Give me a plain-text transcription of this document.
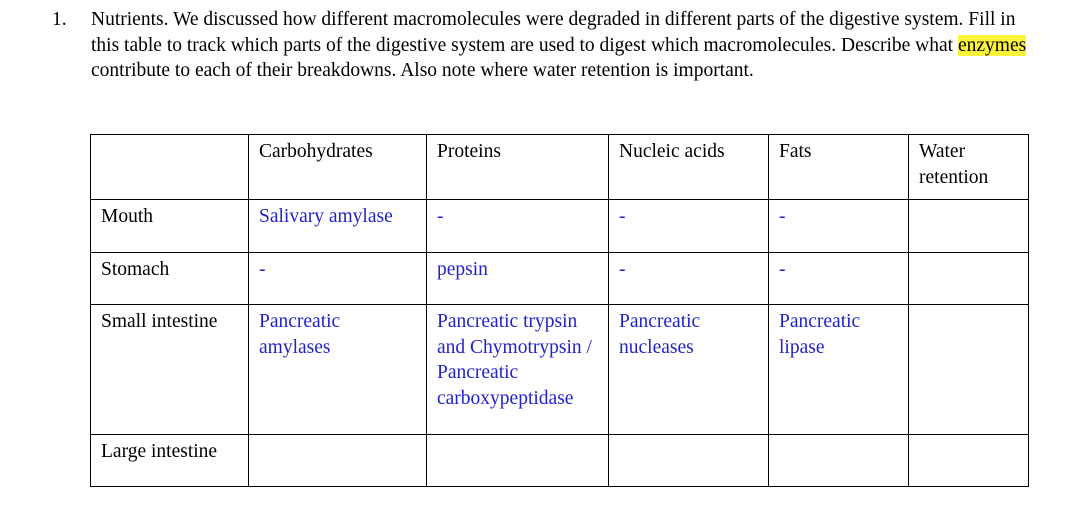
1. Nutrients. We discussed how different macromolecules were degraded in different parts of the digestive system. Fill in this table to track which parts of the digestive system are used to digest which macromolecules. Describe what enzymes contribute to each of their breakdowns. Also note where water retention is important.
	Carbohydrates	Proteins	Nucleic acids	Fats	Water retention
Mouth	Salivary amylase	-	-	-	
Stomach	-	pepsin	-	-	
Small intestine	Pancreatic amylases	Pancreatic trypsin and Chymotrypsin / Pancreatic carboxypeptidase	Pancreatic nucleases	Pancreatic lipase	
Large intestine					
